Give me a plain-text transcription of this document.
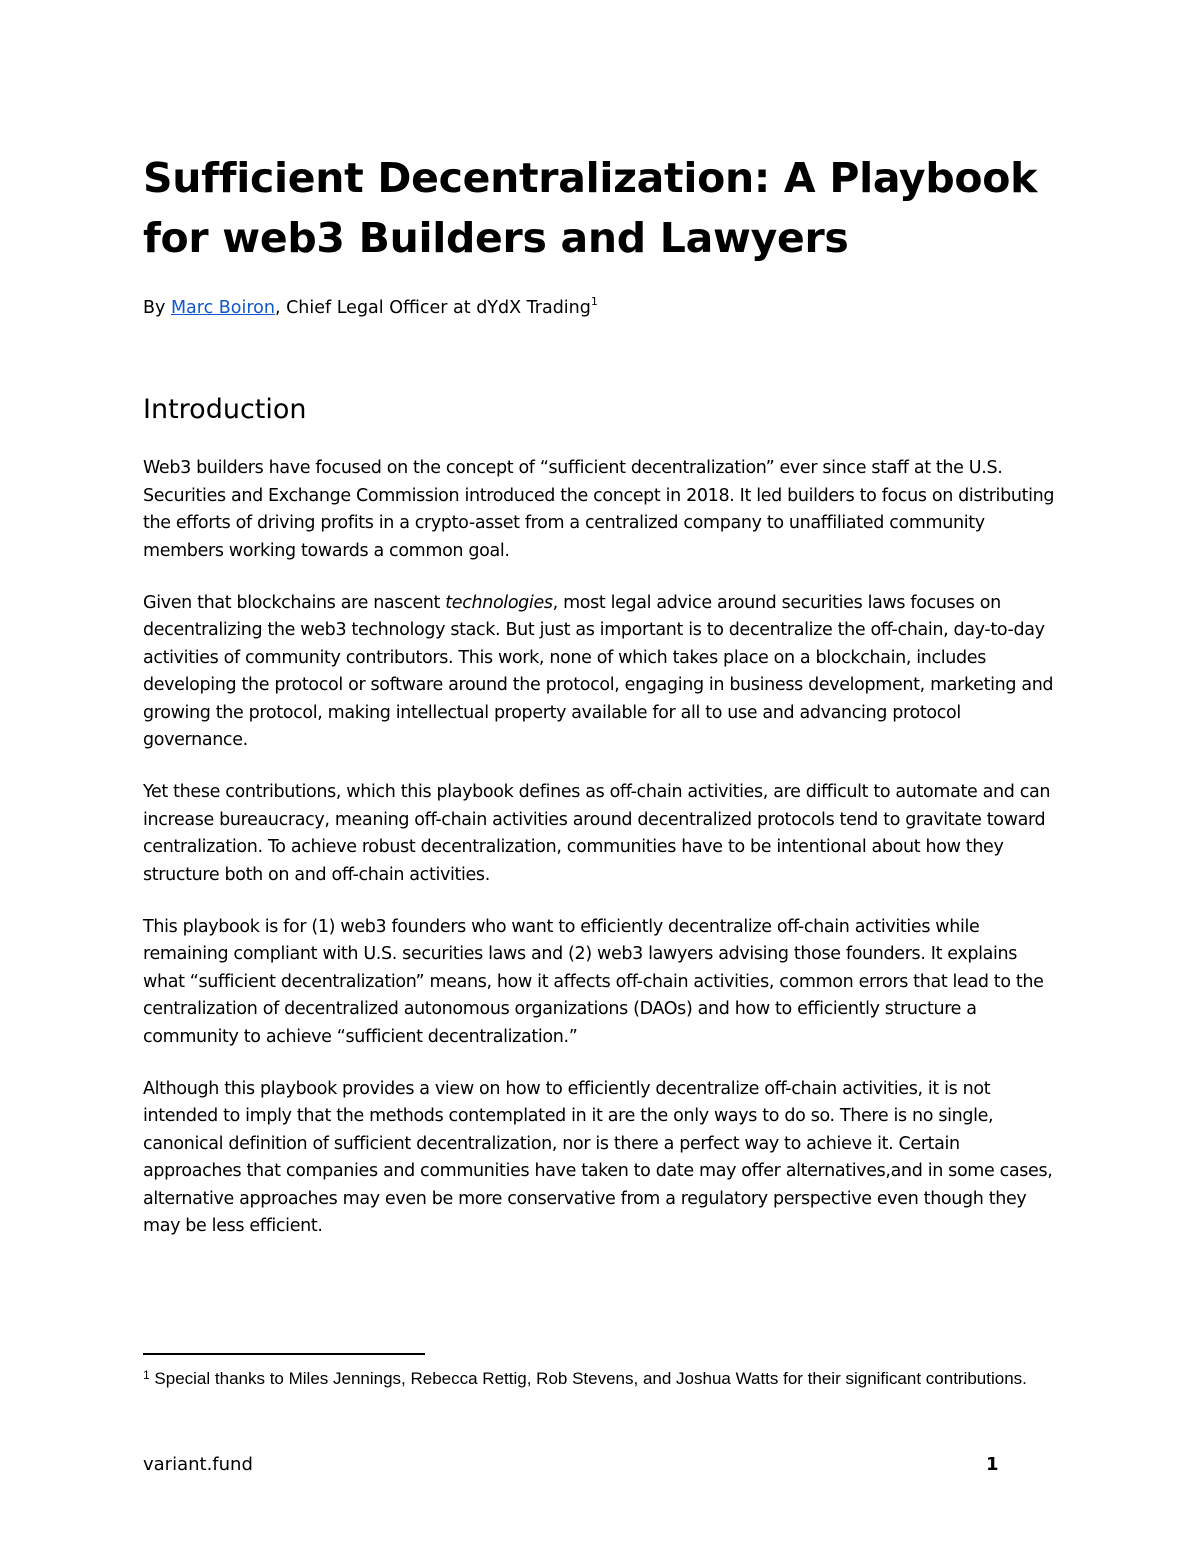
Sufficient Decentralization: A Playbook for web3 Builders and Lawyers
By Marc Boiron, Chief Legal Officer at dYdX Trading$^1$
Introduction

Web3 builders have focused on the concept of “sufficient decentralization” ever since staff at the U.S. Securities and Exchange Commission introduced the concept in 2018. It led builders to focus on distributing the efforts of driving profits in a crypto-asset from a centralized company to unaffiliated community members working towards a common goal.

Given that blockchains are nascent technologies, most legal advice around securities laws focuses on decentralizing the web3 technology stack. But just as important is to decentralize the off-chain, day-to-day activities of community contributors. This work, none of which takes place on a blockchain, includes developing the protocol or software around the protocol, engaging in business development, marketing and growing the protocol, making intellectual property available for all to use and advancing protocol governance.

Yet these contributions, which this playbook defines as off-chain activities, are difficult to automate and can increase bureaucracy, meaning off-chain activities around decentralized protocols tend to gravitate toward centralization. To achieve robust decentralization, communities have to be intentional about how they structure both on and off-chain activities.

This playbook is for (1) web3 founders who want to efficiently decentralize off-chain activities while remaining compliant with U.S. securities laws and (2) web3 lawyers advising those founders. It explains what “sufficient decentralization” means, how it affects off-chain activities, common errors that lead to the centralization of decentralized autonomous organizations (DAOs) and how to efficiently structure a community to achieve “sufficient decentralization.”

Although this playbook provides a view on how to efficiently decentralize off-chain activities, it is not intended to imply that the methods contemplated in it are the only ways to do so. There is no single, canonical definition of sufficient decentralization, nor is there a perfect way to achieve it. Certain approaches that companies and communities have taken to date may offer alternatives,and in some cases, alternative approaches may even be more conservative from a regulatory perspective even though they may be less efficient.

$^1$ Special thanks to Miles Jennings, Rebecca Rettig, Rob Stevens, and Joshua Watts for their significant contributions.
variant.fund	1
